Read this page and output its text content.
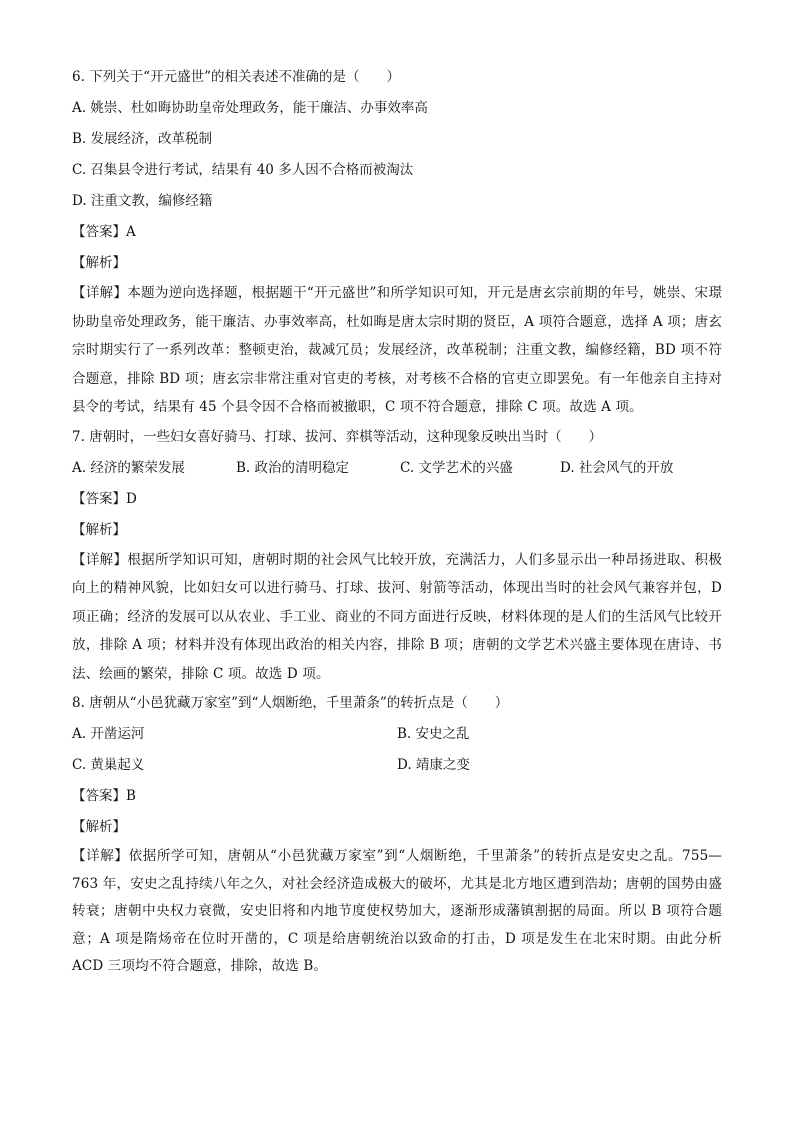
6. 下列关于“开元盛世”的相关表述不准确的是（　　）
A. 姚崇、杜如晦协助皇帝处理政务，能干廉洁、办事效率高
B. 发展经济，改革税制
C. 召集县令进行考试，结果有 40 多人因不合格而被淘汰
D. 注重文教，编修经籍
【答案】A
【解析】
【详解】本题为逆向选择题，根据题干“开元盛世”和所学知识可知，开元是唐玄宗前期的年号，姚崇、宋璟协助皇帝处理政务，能干廉洁、办事效率高，杜如晦是唐太宗时期的贤臣，A 项符合题意，选择 A 项；唐玄宗时期实行了一系列改革：整顿吏治，裁减冗员；发展经济，改革税制；注重文教，编修经籍，BD 项不符合题意，排除 BD 项；唐玄宗非常注重对官吏的考核，对考核不合格的官吏立即罢免。有一年他亲自主持对县令的考试，结果有 45 个县令因不合格而被撤职，C 项不符合题意，排除 C 项。故选 A 项。
7. 唐朝时，一些妇女喜好骑马、打球、拔河、弈棋等活动，这种现象反映出当时（　　）
A. 经济的繁荣发展	B. 政治的清明稳定	C. 文学艺术的兴盛	D. 社会风气的开放
【答案】D
【解析】
【详解】根据所学知识可知，唐朝时期的社会风气比较开放，充满活力，人们多显示出一种昂扬进取、积极向上的精神风貌，比如妇女可以进行骑马、打球、拔河、射箭等活动，体现出当时的社会风气兼容并包，D 项正确；经济的发展可以从农业、手工业、商业的不同方面进行反映，材料体现的是人们的生活风气比较开放，排除 A 项；材料并没有体现出政治的相关内容，排除 B 项；唐朝的文学艺术兴盛主要体现在唐诗、书法、绘画的繁荣，排除 C 项。故选 D 项。
8. 唐朝从“小邑犹藏万家室”到“人烟断绝，千里萧条”的转折点是（　　）
A. 开凿运河	B. 安史之乱
C. 黄巢起义	D. 靖康之变
【答案】B
【解析】
【详解】依据所学可知，唐朝从“小邑犹藏万家室”到“人烟断绝，千里萧条”的转折点是安史之乱。755—763 年，安史之乱持续八年之久，对社会经济造成极大的破坏，尤其是北方地区遭到浩劫；唐朝的国势由盛转衰；唐朝中央权力衰微，安史旧将和内地节度使权势加大，逐渐形成藩镇割据的局面。所以 B 项符合题意；A 项是隋炀帝在位时开凿的，C 项是给唐朝统治以致命的打击，D 项是发生在北宋时期。由此分析 ACD 三项均不符合题意，排除，故选 B。
